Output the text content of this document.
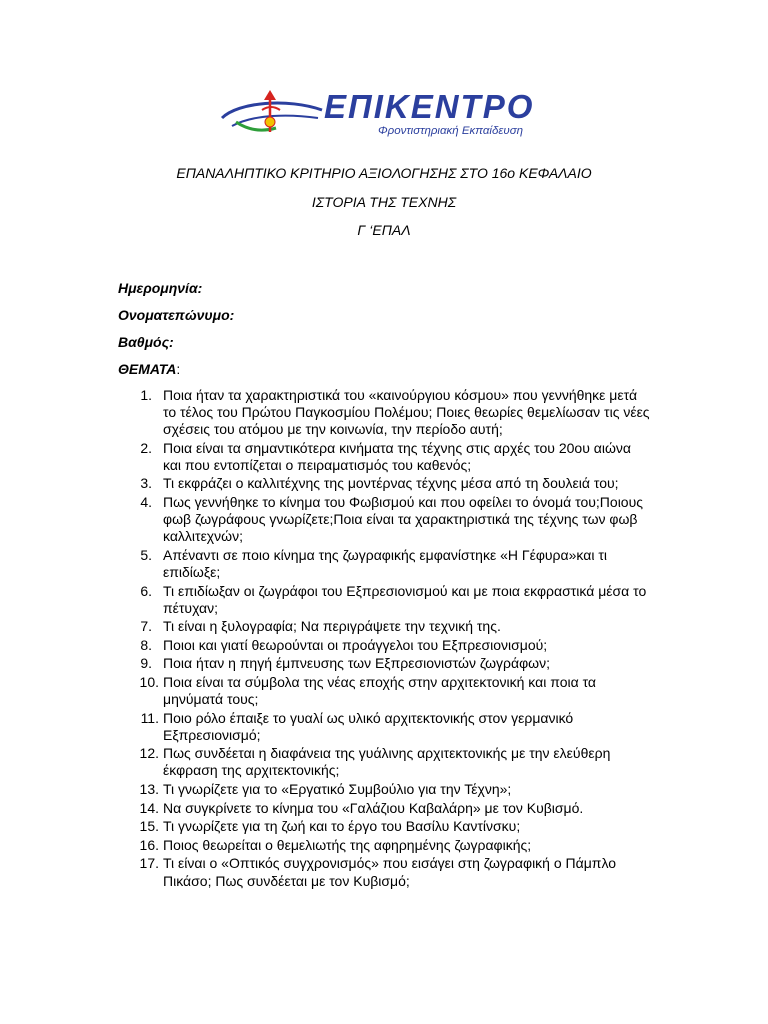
ΕΠΙΚΕΝΤΡΟ
Φροντιστηριακή Εκπαίδευση
ΕΠΑΝΑΛΗΠΤΙΚΟ ΚΡΙΤΗΡΙΟ ΑΞΙΟΛΟΓΗΣΗΣ ΣΤΟ 16ο ΚΕΦΑΛΑΙΟ
ΙΣΤΟΡΙΑ ΤΗΣ ΤΕΧΝΗΣ
Γ ‘ΕΠΑΛ
Ημερομηνία:
Ονοματεπώνυμο:
Βαθμός:
ΘΕΜΑΤΑ:
1. Ποια ήταν τα χαρακτηριστικά του «καινούργιου κόσμου» που γεννήθηκε μετά το τέλος του Πρώτου Παγκοσμίου Πολέμου; Ποιες θεωρίες θεμελίωσαν τις νέες σχέσεις του ατόμου με την κοινωνία, την περίοδο αυτή;
2. Ποια είναι τα σημαντικότερα κινήματα της τέχνης στις αρχές του 20ου αιώνα και που εντοπίζεται ο πειραματισμός του καθενός;
3. Τι εκφράζει ο καλλιτέχνης της μοντέρνας τέχνης μέσα από τη δουλειά του;
4. Πως γεννήθηκε το κίνημα του Φωβισμού και που οφείλει το όνομά του;Ποιους φωβ ζωγράφους γνωρίζετε;Ποια είναι τα χαρακτηριστικά της τέχνης των φωβ καλλιτεχνών;
5. Απέναντι σε ποιο κίνημα της ζωγραφικής εμφανίστηκε «Η Γέφυρα»και τι επιδίωξε;
6. Τι επιδίωξαν οι ζωγράφοι του Εξπρεσιονισμού και με ποια εκφραστικά μέσα το πέτυχαν;
7. Τι είναι η ξυλογραφία; Να περιγράψετε την τεχνική της.
8. Ποιοι και γιατί θεωρούνται οι προάγγελοι του Εξπρεσιονισμού;
9. Ποια ήταν η πηγή έμπνευσης των Εξπρεσιονιστών ζωγράφων;
10. Ποια είναι τα σύμβολα της νέας εποχής στην αρχιτεκτονική και ποια τα μηνύματά τους;
11. Ποιο ρόλο έπαιξε το γυαλί ως υλικό αρχιτεκτονικής στον γερμανικό Εξπρεσιονισμό;
12. Πως συνδέεται η διαφάνεια της γυάλινης αρχιτεκτονικής με την ελεύθερη έκφραση της αρχιτεκτονικής;
13. Τι γνωρίζετε για το «Εργατικό Συμβούλιο για την Τέχνη»;
14. Να συγκρίνετε το κίνημα του «Γαλάζιου Καβαλάρη» με τον Κυβισμό.
15. Τι γνωρίζετε για τη ζωή και το έργο του Βασίλυ Καντίνσκυ;
16. Ποιος θεωρείται ο θεμελιωτής της αφηρημένης ζωγραφικής;
17. Τι είναι ο «Οπτικός συγχρονισμός» που εισάγει στη ζωγραφική ο Πάμπλο Πικάσο; Πως συνδέεται με τον Κυβισμό;
